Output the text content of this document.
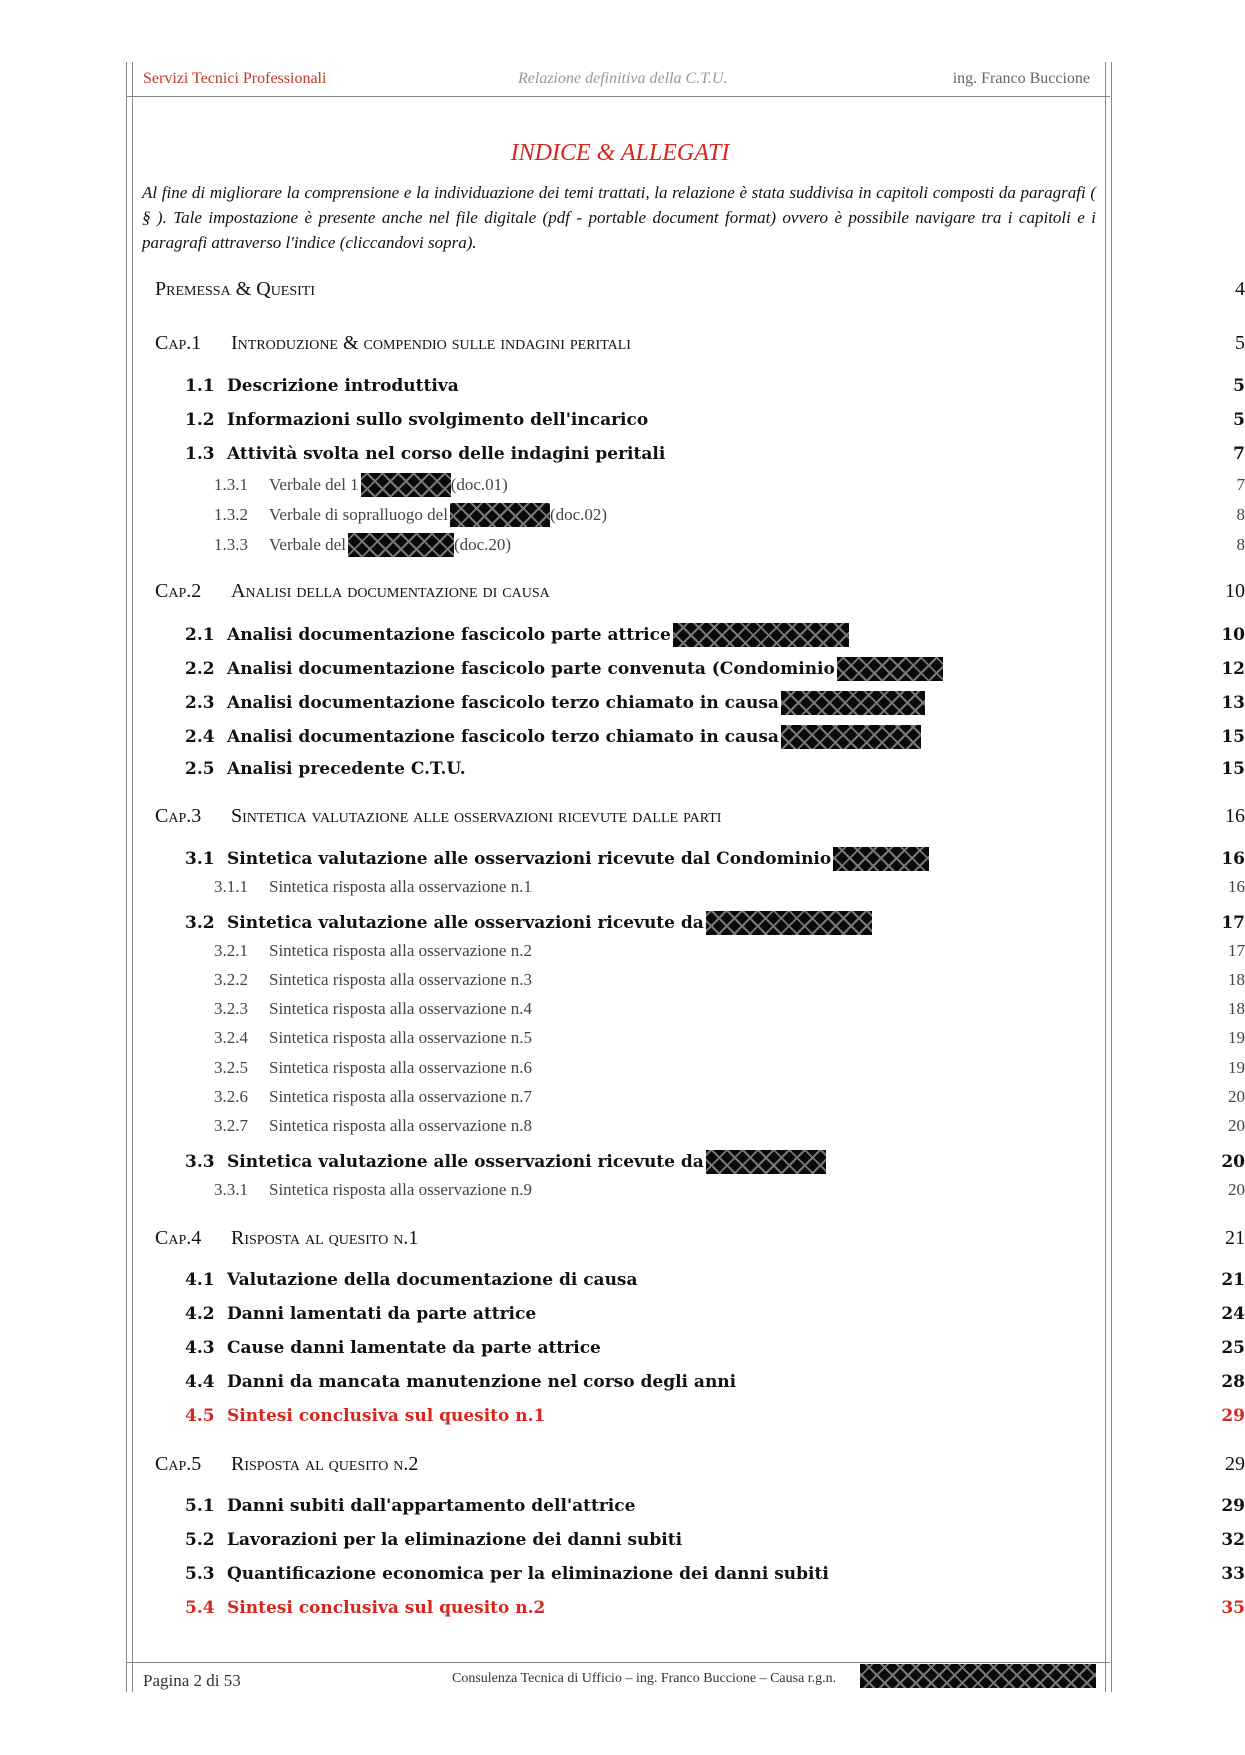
Servizi Tecnici Professionali	Relazione definitiva della C.T.U.	ing. Franco Buccione
INDICE & ALLEGATI
Al fine di migliorare la comprensione e la individuazione dei temi trattati, la relazione è stata suddivisa in capitoli composti da paragrafi ( § ). Tale impostazione è presente anche nel file digitale (pdf - portable document format) ovvero è possibile navigare tra i capitoli e i paragrafi attraverso l'indice (cliccandovi sopra).
Premessa & Quesiti	4
Cap.1	Introduzione & compendio sulle indagini peritali	5
1.1 Descrizione introduttiva	5
1.2 Informazioni sullo svolgimento dell'incarico	5
1.3 Attività svolta nel corso delle indagini peritali	7
1.3.1	Verbale del 1	(doc.01)	7
1.3.2	Verbale di sopralluogo del	(doc.02)	8
1.3.3	Verbale del	(doc.20)	8
Cap.2	Analisi della documentazione di causa	10
2.1 Analisi documentazione fascicolo parte attrice	10
2.2 Analisi documentazione fascicolo parte convenuta (Condominio	12
2.3 Analisi documentazione fascicolo terzo chiamato in causa	13
2.4 Analisi documentazione fascicolo terzo chiamato in causa	15
2.5 Analisi precedente C.T.U.	15
Cap.3	Sintetica valutazione alle osservazioni ricevute dalle parti	16
3.1 Sintetica valutazione alle osservazioni ricevute dal Condominio	16
3.1.1	Sintetica risposta alla osservazione n.1	16
3.2 Sintetica valutazione alle osservazioni ricevute da	17
3.2.1	Sintetica risposta alla osservazione n.2	17
3.2.2	Sintetica risposta alla osservazione n.3	18
3.2.3	Sintetica risposta alla osservazione n.4	18
3.2.4	Sintetica risposta alla osservazione n.5	19
3.2.5	Sintetica risposta alla osservazione n.6	19
3.2.6	Sintetica risposta alla osservazione n.7	20
3.2.7	Sintetica risposta alla osservazione n.8	20
3.3 Sintetica valutazione alle osservazioni ricevute da	20
3.3.1	Sintetica risposta alla osservazione n.9	20
Cap.4	Risposta al quesito n.1	21
4.1 Valutazione della documentazione di causa	21
4.2 Danni lamentati da parte attrice	24
4.3 Cause danni lamentate da parte attrice	25
4.4 Danni da mancata manutenzione nel corso degli anni	28
4.5 Sintesi conclusiva sul quesito n.1	29
Cap.5	Risposta al quesito n.2	29
5.1 Danni subiti dall'appartamento dell'attrice	29
5.2 Lavorazioni per la eliminazione dei danni subiti	32
5.3 Quantificazione economica per la eliminazione dei danni subiti	33
5.4 Sintesi conclusiva sul quesito n.2	35
Pagina 2 di 53	Consulenza Tecnica di Ufficio – ing. Franco Buccione – Causa r.g.n.
